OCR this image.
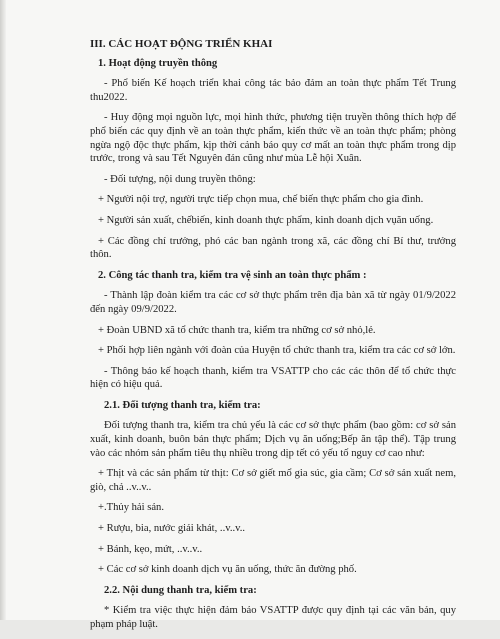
III. CÁC HOẠT ĐỘNG TRIỂN KHAI

1. Hoạt động truyền thông

- Phổ biến Kế hoạch triển khai công tác bảo đảm an toàn thực phẩm Tết Trung thu2022.

- Huy động mọi nguồn lực, mọi hình thức, phương tiện truyền thông thích hợp để phổ biến các quy định về an toàn thực phẩm, kiến thức về an toàn thực phẩm; phòng ngừa ngộ độc thực phẩm, kịp thời cảnh báo quy cơ mất an toàn thực phẩm trong dịp trước, trong và sau Tết Nguyên đán cũng như mùa Lễ hội Xuân.

- Đối tượng, nội dung truyền thông:

+ Người nội trợ, người trực tiếp chọn mua, chế biến thực phẩm cho gia đình.

+ Người sản xuất, chếbiến, kinh doanh thực phẩm, kinh doanh dịch vụăn uống.

+ Các đồng chí trưởng, phó các ban ngành trong xã, các đồng chí Bí thư, trưởng thôn.

2. Công tác thanh tra, kiểm tra vệ sinh an toàn thực phẩm :

- Thành lập đoàn kiểm tra các cơ sở thực phẩm trên địa bàn xã từ ngày 01/9/2022 đến ngày 09/9/2022.

+ Đoàn UBND xã tổ chức thanh tra, kiểm tra những cơ sở nhỏ,lẻ.

+ Phối hợp liên ngành với đoàn của Huyện tổ chức thanh tra, kiểm tra các cơ sở lớn.

- Thông báo kế hoạch thanh, kiểm tra VSATTP cho các các thôn để tổ chức thực hiện có hiệu quả.

2.1. Đối tượng thanh tra, kiểm tra:

Đối tượng thanh tra, kiểm tra chủ yếu là các cơ sở thực phẩm (bao gồm: cơ sở sản xuất, kinh doanh, buôn bán thực phẩm; Dịch vụ ăn uống;Bếp ăn tập thể). Tập trung vào các nhóm sản phẩm tiêu thụ nhiều trong dịp tết có yếu tố nguy cơ cao như:

+ Thịt và các sản phẩm từ thịt: Cơ sở giết mổ gia súc, gia cầm; Cơ sở sản xuất nem, giò, chả ..v..v..

+.Thủy hải sản.

+ Rượu, bia, nước giải khát, ..v..v..

+ Bánh, kẹo, mứt, ..v..v..

+ Các cơ sở kinh doanh dịch vụ ăn uống, thức ăn đường phố.

2.2. Nội dung thanh tra, kiểm tra:

* Kiểm tra việc thực hiện đảm bảo VSATTP được quy định tại các văn bản, quy phạm pháp luật.
